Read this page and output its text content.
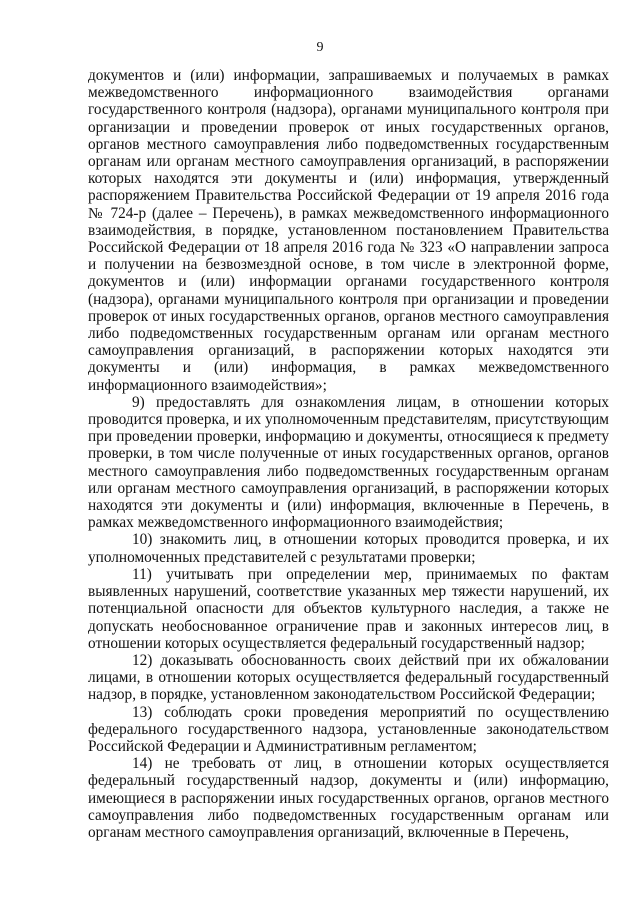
9

документов и (или) информации, запрашиваемых и получаемых в рамках межведомственного информационного взаимодействия органами государственного контроля (надзора), органами муниципального контроля при организации и проведении проверок от иных государственных органов, органов местного самоуправления либо подведомственных государственным органам или органам местного самоуправления организаций, в распоряжении которых находятся эти документы и (или) информация, утвержденный распоряжением Правительства Российской Федерации от 19 апреля 2016 года № 724-р (далее – Перечень), в рамках межведомственного информационного взаимодействия, в порядке, установленном постановлением Правительства Российской Федерации от 18 апреля 2016 года № 323 «О направлении запроса и получении на безвозмездной основе, в том числе в электронной форме, документов и (или) информации органами государственного контроля (надзора), органами муниципального контроля при организации и проведении проверок от иных государственных органов, органов местного самоуправления либо подведомственных государственным органам или органам местного самоуправления организаций, в распоряжении которых находятся эти документы и (или) информация, в рамках межведомственного информационного взаимодействия»;

9) предоставлять для ознакомления лицам, в отношении которых проводится проверка, и их уполномоченным представителям, присутствующим при проведении проверки, информацию и документы, относящиеся к предмету проверки, в том числе полученные от иных государственных органов, органов местного самоуправления либо подведомственных государственным органам или органам местного самоуправления организаций, в распоряжении которых находятся эти документы и (или) информация, включенные в Перечень, в рамках межведомственного информационного взаимодействия;

10) знакомить лиц, в отношении которых проводится проверка, и их уполномоченных представителей с результатами проверки;

11) учитывать при определении мер, принимаемых по фактам выявленных нарушений, соответствие указанных мер тяжести нарушений, их потенциальной опасности для объектов культурного наследия, а также не допускать необоснованное ограничение прав и законных интересов лиц, в отношении которых осуществляется федеральный государственный надзор;

12) доказывать обоснованность своих действий при их обжаловании лицами, в отношении которых осуществляется федеральный государственный надзор, в порядке, установленном законодательством Российской Федерации;

13) соблюдать сроки проведения мероприятий по осуществлению федерального государственного надзора, установленные законодательством Российской Федерации и Административным регламентом;

14) не требовать от лиц, в отношении которых осуществляется федеральный государственный надзор, документы и (или) информацию, имеющиеся в распоряжении иных государственных органов, органов местного самоуправления либо подведомственных государственным органам или органам местного самоуправления организаций, включенные в Перечень,
